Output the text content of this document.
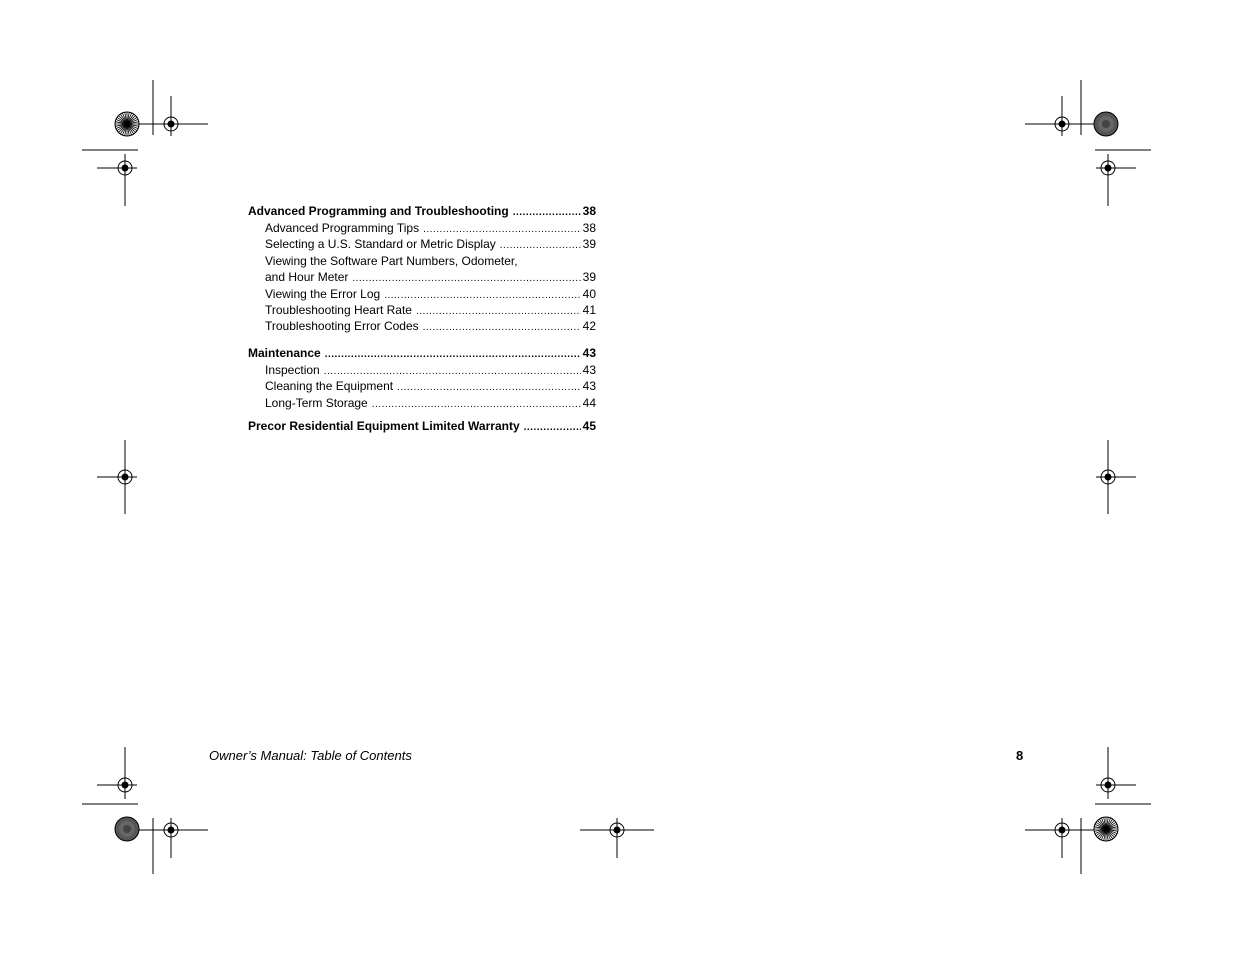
Advanced Programming and Troubleshooting .....	38
Advanced Programming Tips .....	38
Selecting a U.S. Standard or Metric Display .....	39
Viewing the Software Part Numbers, Odometer,
and Hour Meter .....	39
Viewing the Error Log .....	40
Troubleshooting Heart Rate .....	41
Troubleshooting Error Codes .....	42
Maintenance .....	43
Inspection .....	43
Cleaning the Equipment .....	43
Long-Term Storage .....	44
Precor Residential Equipment Limited Warranty .....	45
Owner’s Manual: Table of Contents	8
